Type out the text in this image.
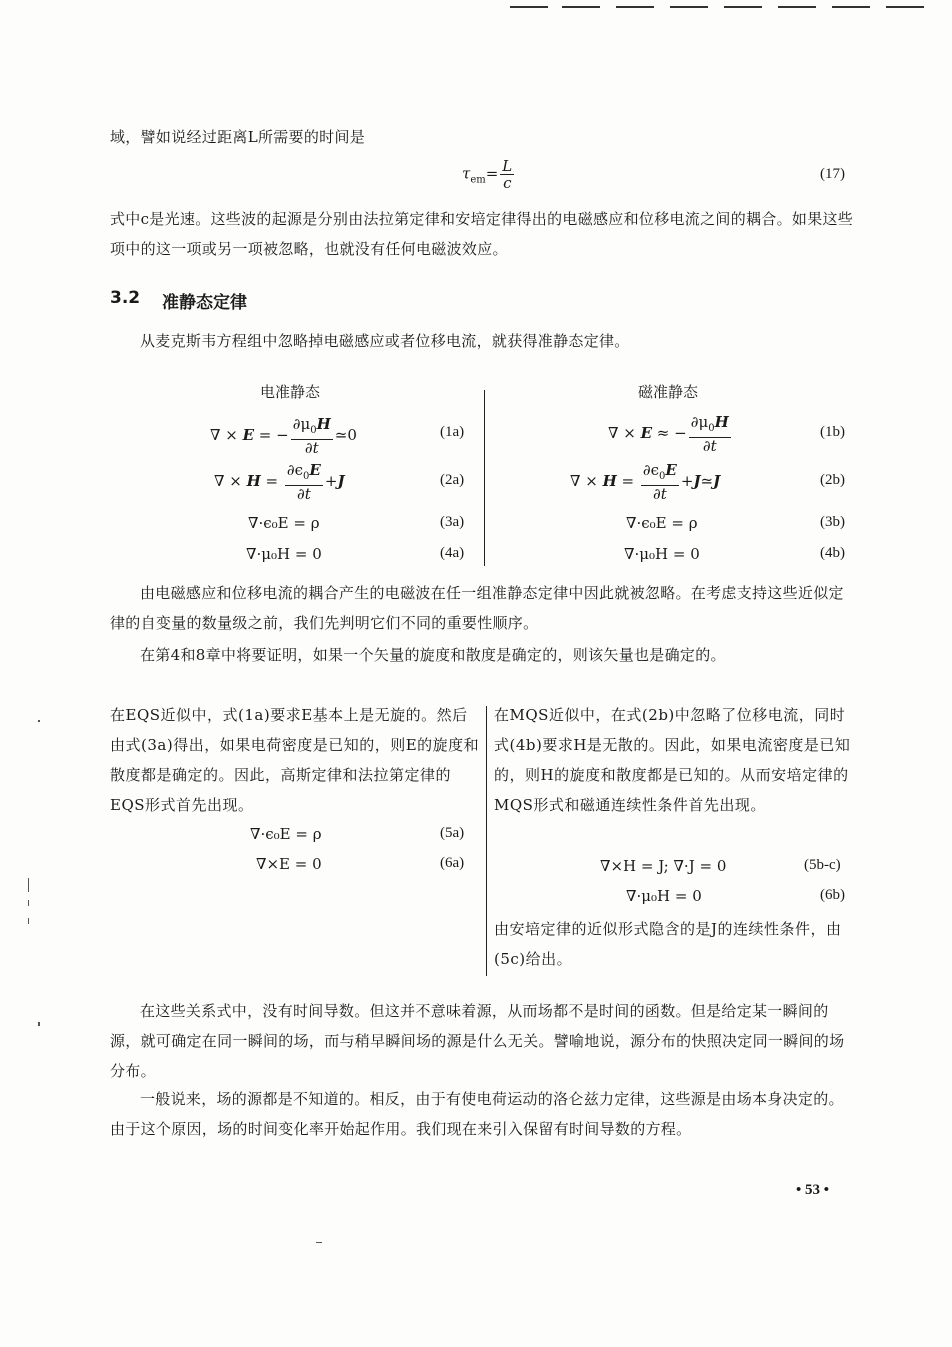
域，譬如说经过距离L所需要的时间是
$\tau_{em}= \frac{L}{c}$	(17)
式中c是光速。这些波的起源是分别由法拉第定律和安培定律得出的电磁感应和位移电流之间的耦合。如果这些项中的这一项或另一项被忽略，也就没有任何电磁波效应。
3.2 准静态定律
从麦克斯韦方程组中忽略掉电磁感应或者位移电流，就获得准静态定律。
电准静态	磁准静态
∇ × E = − $\frac{\partial\mu_0H}{\partial t}$ ≃0	(1a)
∇ × $H = \frac{\partial\epsilon_0E}{\partial t} +J$	(2a)
∇·ϵ₀E = ρ	(3a)
∇·μ₀H = 0	(4a)
∇ × E ≈ − $\frac{\partial\mu_0H}{\partial t}$	(1b)
∇ × $H = \frac{\partial\epsilon_0E}{\partial t}$ +J≃J	(2b)
∇·ϵ₀E = ρ	(3b)
∇·μ₀H = 0	(4b)
由电磁感应和位移电流的耦合产生的电磁波在任一组准静态定律中因此就被忽略。在考虑支持这些近似定律的自变量的数量级之前，我们先判明它们不同的重要性顺序。
在第4和8章中将要证明，如果一个矢量的旋度和散度是确定的，则该矢量也是确定的。
在EQS近似中，式(1a)要求E基本上是无旋的。然后由式(3a)得出，如果电荷密度是已知的，则E的旋度和散度都是确定的。因此，高斯定律和法拉第定律的EQS形式首先出现。
∇·ϵ₀E = ρ	(5a)
∇×E = 0	(6a)
在MQS近似中，在式(2b)中忽略了位移电流，同时式(4b)要求H是无散的。因此，如果电流密度是已知的，则H的旋度和散度都是已知的。从而安培定律的MQS形式和磁通连续性条件首先出现。
∇×H = J; ∇·J = 0	(5b-c)
∇·μ₀H = 0	(6b)
由安培定律的近似形式隐含的是J的连续性条件，由(5c)给出。
在这些关系式中，没有时间导数。但这并不意味着源，从而场都不是时间的函数。但是给定某一瞬间的源，就可确定在同一瞬间的场，而与稍早瞬间场的源是什么无关。譬喻地说，源分布的快照决定同一瞬间的场分布。
一般说来，场的源都是不知道的。相反，由于有使电荷运动的洛仑兹力定律，这些源是由场本身决定的。由于这个原因，场的时间变化率开始起作用。我们现在来引入保留有时间导数的方程。
• 53 •
